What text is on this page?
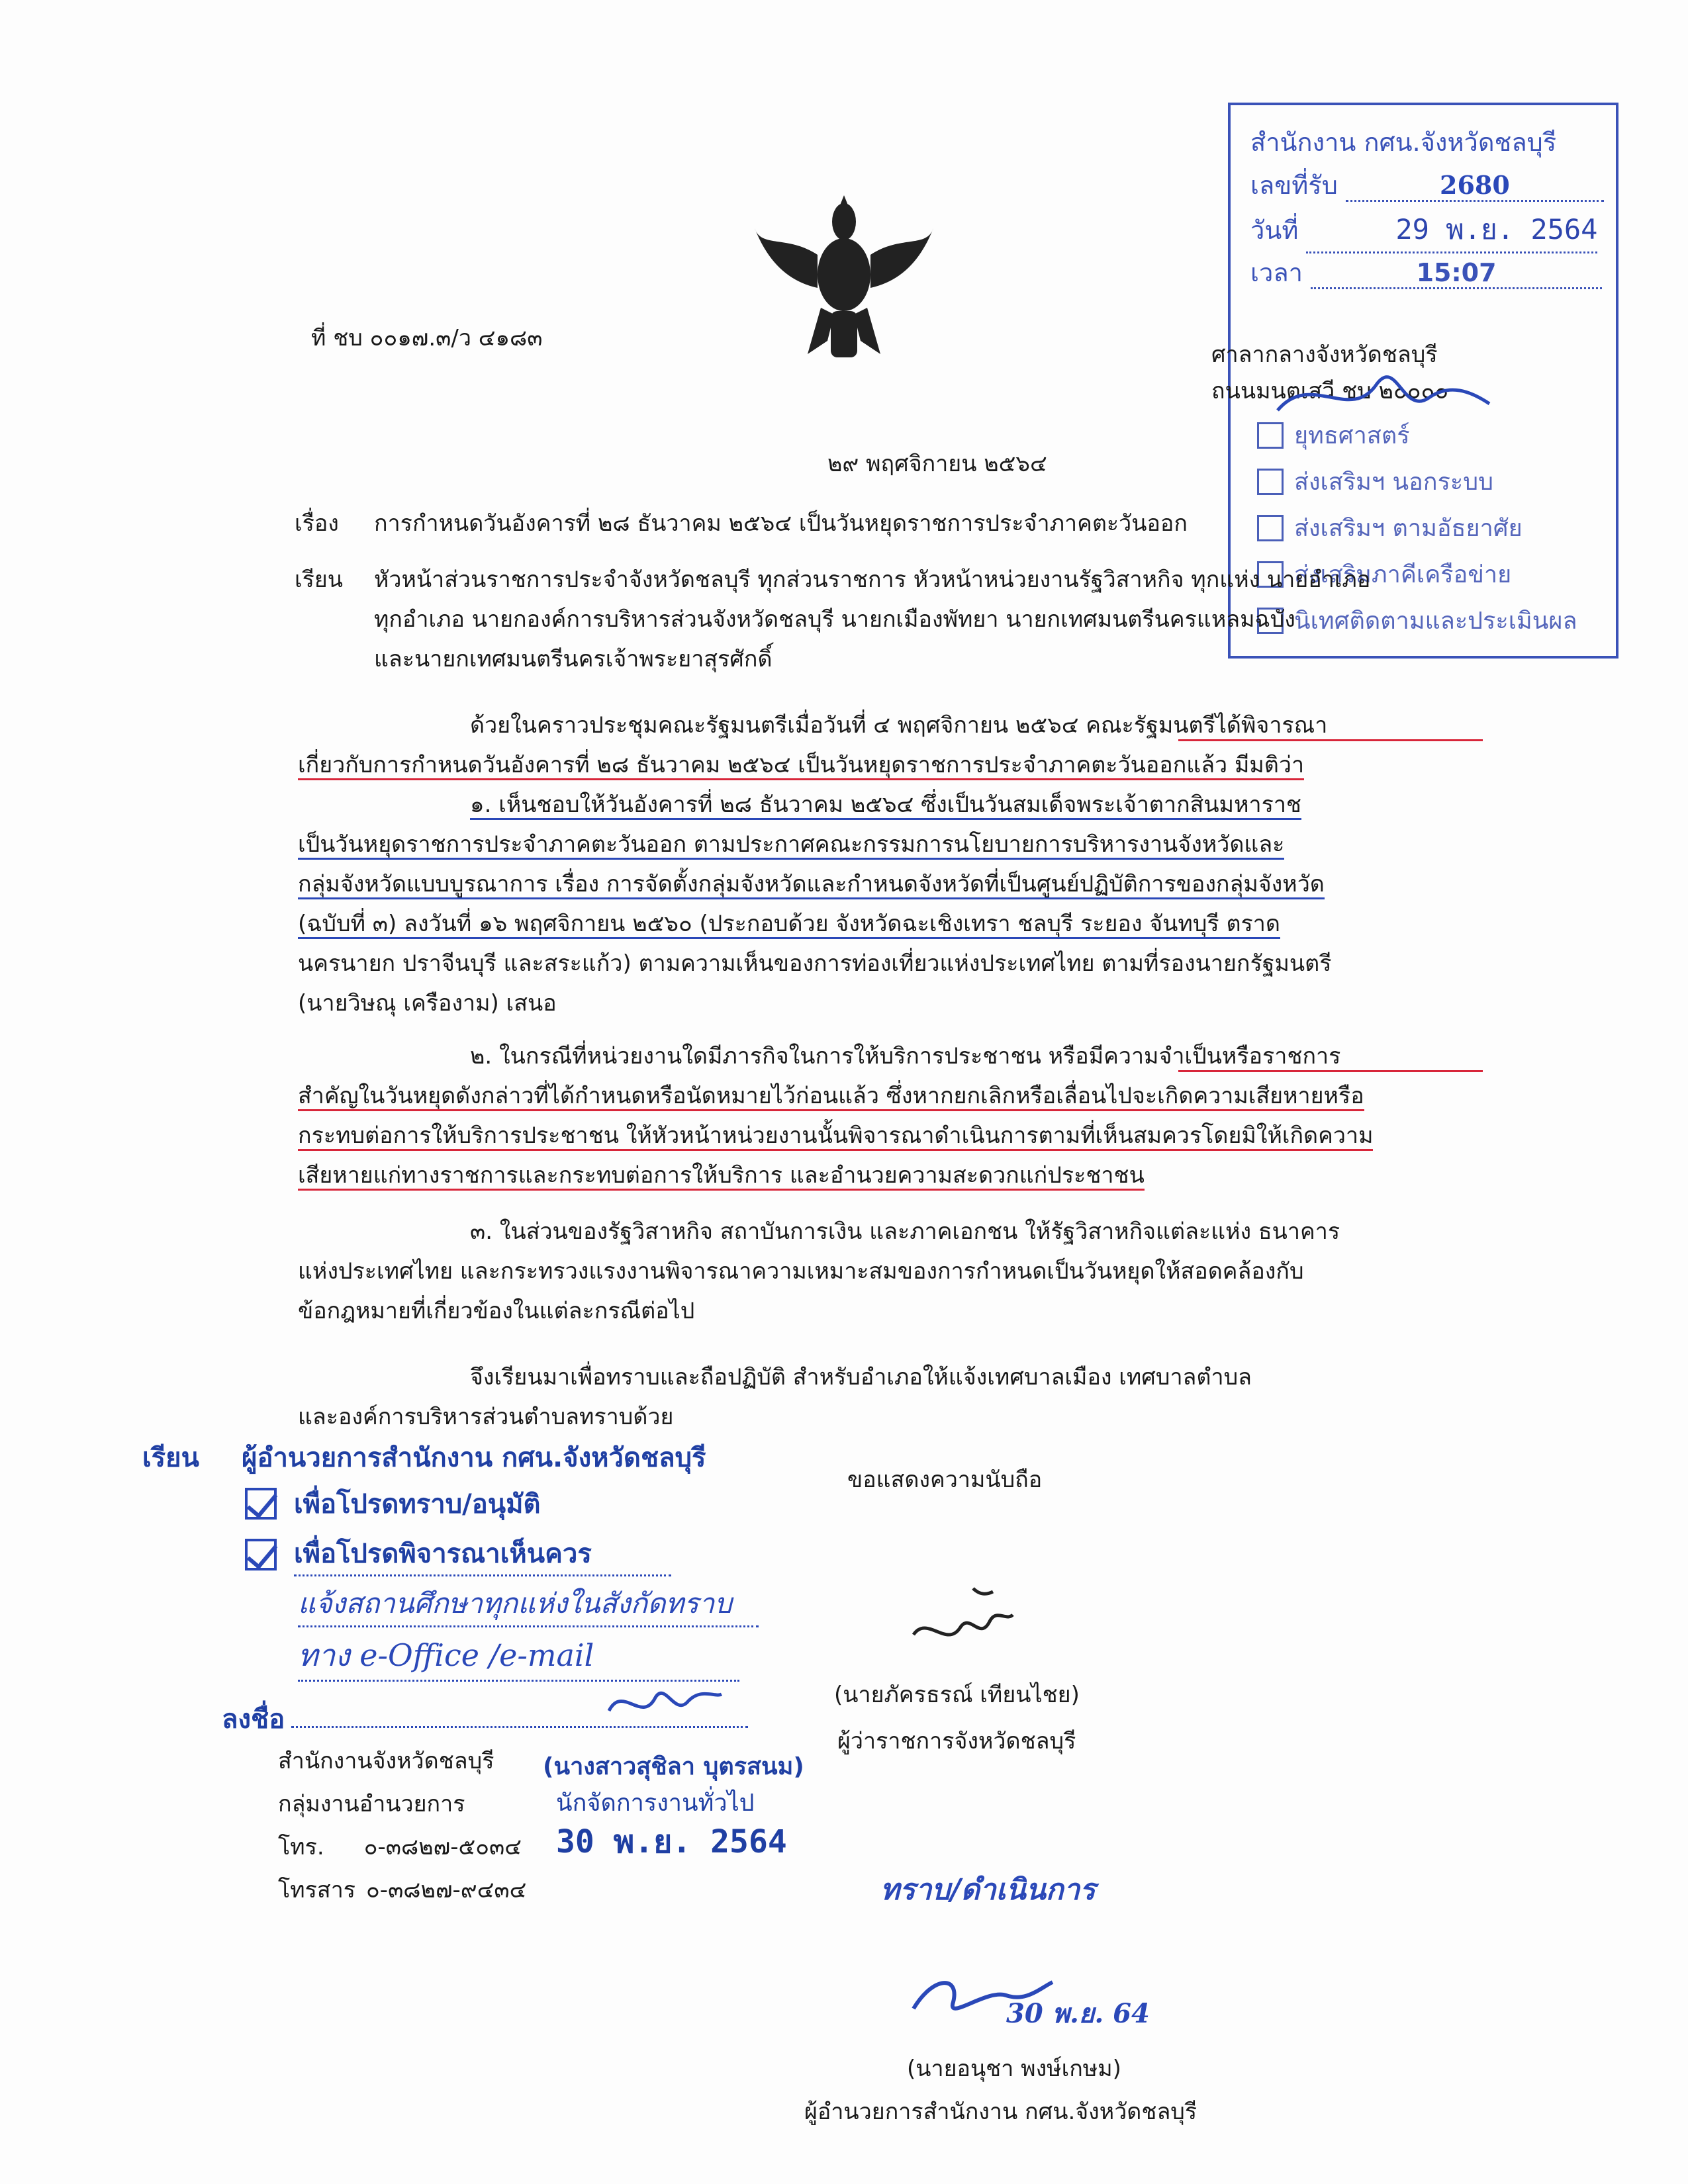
สำนักงาน กศน.จังหวัดชลบุรี
เลขที่รับ	2680
วันที่	29 พ.ย. 2564
เวลา	15:07
ยุทธศาสตร์
ส่งเสริมฯ นอกระบบ
ส่งเสริมฯ ตามอัธยาศัย
ส่งเสริมภาคีเครือข่าย
นิเทศติดตามและประเมินผล
ที่ ชบ ๐๐๑๗.๓/ว ๔๑๘๓
ศาลากลางจังหวัดชลบุรี
ถนนมนตเสวี ชบ ๒๐๐๐๐
๒๙ พฤศจิกายน ๒๕๖๔
เรื่อง การกำหนดวันอังคารที่ ๒๘ ธันวาคม ๒๕๖๔ เป็นวันหยุดราชการประจำภาคตะวันออก
เรียน หัวหน้าส่วนราชการประจำจังหวัดชลบุรี ทุกส่วนราชการ หัวหน้าหน่วยงานรัฐวิสาหกิจ ทุกแห่ง นายอำเภอ
ทุกอำเภอ นายกองค์การบริหารส่วนจังหวัดชลบุรี นายกเมืองพัทยา นายกเทศมนตรีนครแหลมฉบัง
และนายกเทศมนตรีนครเจ้าพระยาสุรศักดิ์
ด้วยในคราวประชุมคณะรัฐมนตรีเมื่อวันที่ ๔ พฤศจิกายน ๒๕๖๔ คณะรัฐมนตรีได้พิจารณา
เกี่ยวกับการกำหนดวันอังคารที่ ๒๘ ธันวาคม ๒๕๖๔ เป็นวันหยุดราชการประจำภาคตะวันออกแล้ว มีมติว่า
๑. เห็นชอบให้วันอังคารที่ ๒๘ ธันวาคม ๒๕๖๔ ซึ่งเป็นวันสมเด็จพระเจ้าตากสินมหาราช
เป็นวันหยุดราชการประจำภาคตะวันออก ตามประกาศคณะกรรมการนโยบายการบริหารงานจังหวัดและ
กลุ่มจังหวัดแบบบูรณาการ เรื่อง การจัดตั้งกลุ่มจังหวัดและกำหนดจังหวัดที่เป็นศูนย์ปฏิบัติการของกลุ่มจังหวัด
(ฉบับที่ ๓) ลงวันที่ ๑๖ พฤศจิกายน ๒๕๖๐ (ประกอบด้วย จังหวัดฉะเชิงเทรา ชลบุรี ระยอง จันทบุรี ตราด
นครนายก ปราจีนบุรี และสระแก้ว) ตามความเห็นของการท่องเที่ยวแห่งประเทศไทย ตามที่รองนายกรัฐมนตรี
(นายวิษณุ เครืองาม) เสนอ
๒. ในกรณีที่หน่วยงานใดมีภารกิจในการให้บริการประชาชน หรือมีความจำเป็นหรือราชการ
สำคัญในวันหยุดดังกล่าวที่ได้กำหนดหรือนัดหมายไว้ก่อนแล้ว ซึ่งหากยกเลิกหรือเลื่อนไปจะเกิดความเสียหายหรือ
กระทบต่อการให้บริการประชาชน ให้หัวหน้าหน่วยงานนั้นพิจารณาดำเนินการตามที่เห็นสมควรโดยมิให้เกิดความ
เสียหายแก่ทางราชการและกระทบต่อการให้บริการ และอำนวยความสะดวกแก่ประชาชน
๓. ในส่วนของรัฐวิสาหกิจ สถาบันการเงิน และภาคเอกชน ให้รัฐวิสาหกิจแต่ละแห่ง ธนาคาร
แห่งประเทศไทย และกระทรวงแรงงานพิจารณาความเหมาะสมของการกำหนดเป็นวันหยุดให้สอดคล้องกับ
ข้อกฎหมายที่เกี่ยวข้องในแต่ละกรณีต่อไป
จึงเรียนมาเพื่อทราบและถือปฏิบัติ สำหรับอำเภอให้แจ้งเทศบาลเมือง เทศบาลตำบล
และองค์การบริหารส่วนตำบลทราบด้วย
เรียน ผู้อำนวยการสำนักงาน กศน.จังหวัดชลบุรี
เพื่อโปรดทราบ/อนุมัติ
เพื่อโปรดพิจารณาเห็นควร
แจ้งสถานศึกษาทุกแห่งในสังกัดทราบ
ทาง e-Office /e-mail
ลงชื่อ
สำนักงานจังหวัดชลบุรี (นางสาวสุชิลา บุตรสนม)
กลุ่มงานอำนวยการ	นักจัดการงานทั่วไป
30 พ.ย. 2564
โทร. ๐-๓๘๒๗-๕๐๓๔
โทรสาร ๐-๓๘๒๗-๙๔๓๔
ขอแสดงความนับถือ
(นายภัครธรณ์ เทียนไชย)
ผู้ว่าราชการจังหวัดชลบุรี
ทราบ/ดำเนินการ
30 พ.ย. 64
(นายอนุชา พงษ์เกษม)
ผู้อำนวยการสำนักงาน กศน.จังหวัดชลบุรี
